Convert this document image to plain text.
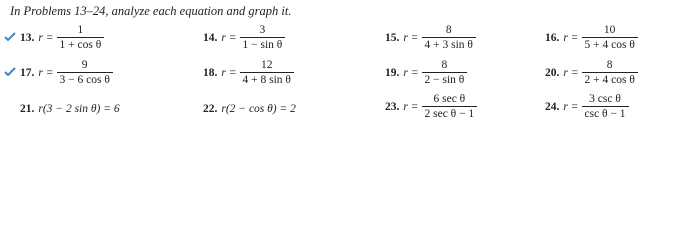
In Problems 13–24, analyze each equation and graph it.
13. $r = \frac{1}{\text{1 + cos θ}}$	14. $r = \frac{3}{\text{1 − sin θ}}$	15. $r = \frac{8}{\text{4 + 3 sin θ}}$	16. $r = \frac{10}{\text{5 + 4 cos θ}}$
17. $r = \frac{9}{\text{3 − 6 cos θ}}$	18. $r = \frac{12}{\text{4 + 8 sin θ}}$	19. $r = \frac{8}{\text{2 − sin θ}}$	20. $r = \frac{8}{\text{2 + 4 cos θ}}$
21. r(3 − 2 sin θ) = 6	22. r(2 − cos θ) = 2	23. $r = \frac{\text{6 sec θ}}{\text{2 sec θ − 1}}$	24. $r = \frac{\text{3 csc θ}}{\text{csc θ − 1}}$
